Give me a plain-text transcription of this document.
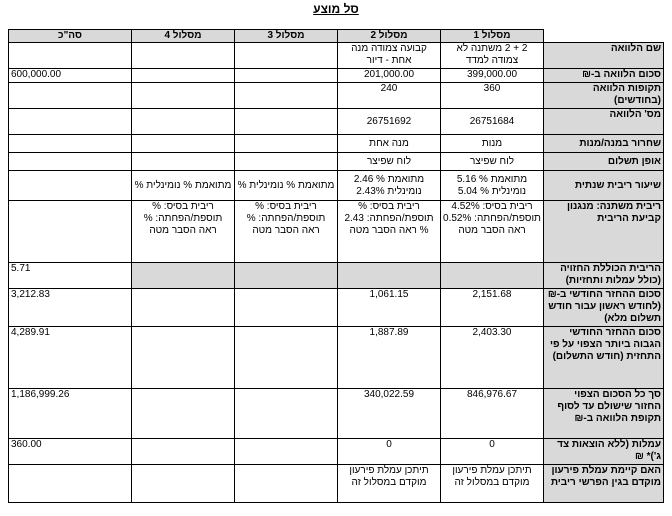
סל מוצע
	מסלול 1	מסלול 2	מסלול 3	מסלול 4	סה"כ
שם הלוואה	2 + 2 משתנה לא צמודה למדד	קבועה צמודה מנה אחת - דיור			
סכום הלוואה ב-₪	399,000.00	201,000.00			600,000.00
תקופות הלוואה (בחודשים)	360	240			
מס' הלוואה	26751684	26751692			
שחרור במנה/מנות	מנות	מנה אחת			
אופן תשלום	לוח שפיצר	לוח שפיצר			
שיעור ריבית שנתית	מתואמת % 5.16 נומינלית % 5.04	מתואמת % 2.46 נומינלית 2.43%	מתואמת % נומינלית %	מתואמת % נומינלית %	
ריבית משתנה: מנגנון קביעת הריבית	ריבית בסיס: 4.52% תוספת/הפחתה: 0.52% ראה הסבר מטה	ריבית בסיס: % תוספת/הפחתה: 2.43 % ראה הסבר מטה	ריבית בסיס: % תוספת/הפחתה: % ראה הסבר מטה	ריבית בסיס: % תוספת/הפחתה: % ראה הסבר מטה	
הריבית הכוללת החזויה (כולל עמלות ותחזיות)					5.71
סכום ההחזר החודשי ב-₪ (לחודש ראשון עבור חודש תשלום מלא)	2,151.68	1,061.15			3,212.83
סכום ההחזר החודשי הגבוה ביותר הצפוי על פי התחזית (חודש התשלום)	2,403.30	1,887.89			4,289.91
סך כל הסכום הצפוי החזור שישולם עד לסוף תקופת הלוואה ב-₪	846,976.67	340,022.59			1,186,999.26
עמלות (ללא הוצאות צד ג')* ₪	0	0			360.00
האם קיימת עמלת פירעון מוקדם בגין הפרשי ריבית	תיתכן עמלת פירעון מוקדם במסלול זה	תיתכן עמלת פירעון מוקדם במסלול זה			
